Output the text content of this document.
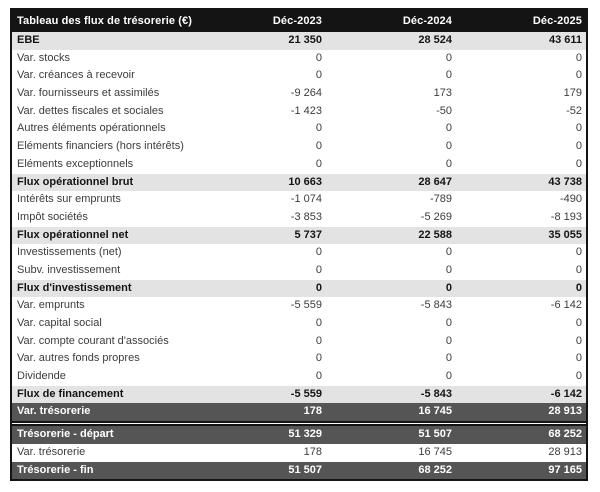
Tableau des flux de trésorerie (€)	Déc-2023	Déc-2024	Déc-2025
EBE	21 350	28 524	43 611
Var. stocks	0	0	0
Var. créances à recevoir	0	0	0
Var. fournisseurs et assimilés	-9 264	173	179
Var. dettes fiscales et sociales	-1 423	-50	-52
Autres éléments opérationnels	0	0	0
Eléments financiers (hors intérêts)	0	0	0
Eléments exceptionnels	0	0	0
Flux opérationnel brut	10 663	28 647	43 738
Intérêts sur emprunts	-1 074	-789	-490
Impôt sociétés	-3 853	-5 269	-8 193
Flux opérationnel net	5 737	22 588	35 055
Investissements (net)	0	0	0
Subv. investissement	0	0	0
Flux d'investissement	0	0	0
Var. emprunts	-5 559	-5 843	-6 142
Var. capital social	0	0	0
Var. compte courant d'associés	0	0	0
Var. autres fonds propres	0	0	0
Dividende	0	0	0
Flux de financement	-5 559	-5 843	-6 142
Var. trésorerie	178	16 745	28 913
Trésorerie - départ	51 329	51 507	68 252
Var. trésorerie	178	16 745	28 913
Trésorerie - fin	51 507	68 252	97 165
